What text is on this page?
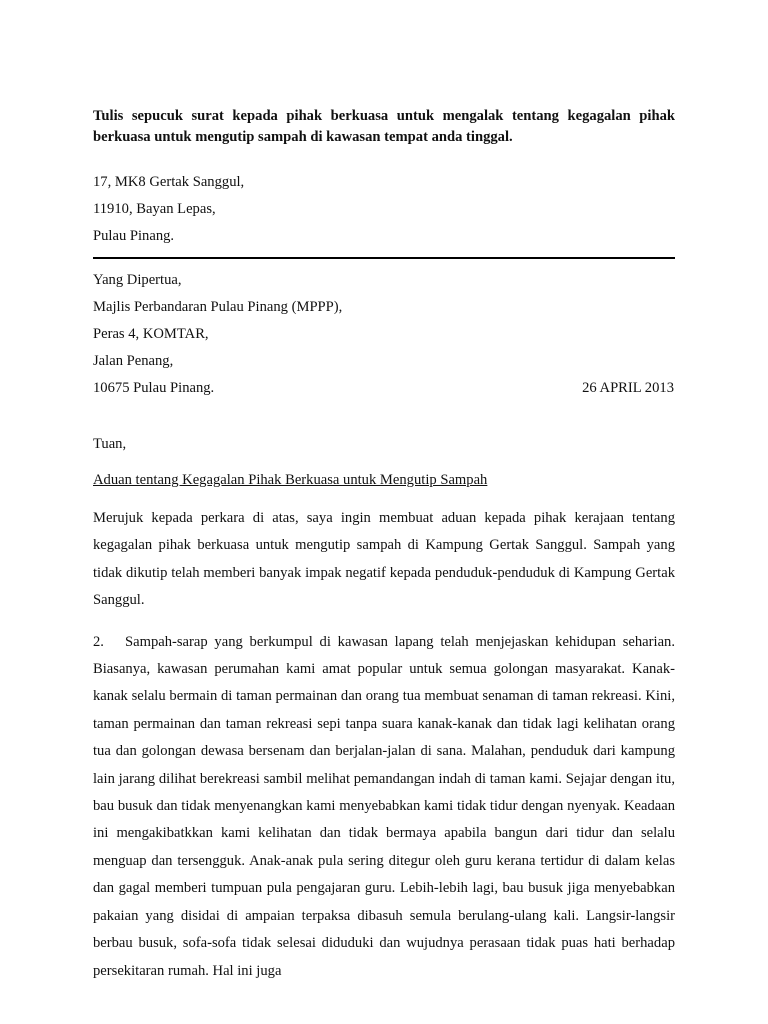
Tulis sepucuk surat kepada pihak berkuasa untuk mengalak tentang kegagalan pihak berkuasa untuk mengutip sampah di kawasan tempat anda tinggal.

17, MK8 Gertak Sanggul,
11910, Bayan Lepas,
Pulau Pinang.
Yang Dipertua,
Majlis Perbandaran Pulau Pinang (MPPP),
Peras 4, KOMTAR,
Jalan Penang,
10675 Pulau Pinang.	26 APRIL 2013

Tuan,

Aduan tentang Kegagalan Pihak Berkuasa untuk Mengutip Sampah

Merujuk kepada perkara di atas, saya ingin membuat aduan kepada pihak kerajaan tentang kegagalan pihak berkuasa untuk mengutip sampah di Kampung Gertak Sanggul. Sampah yang tidak dikutip telah memberi banyak impak negatif kepada penduduk-penduduk di Kampung Gertak Sanggul.

2. Sampah-sarap yang berkumpul di kawasan lapang telah menjejaskan kehidupan seharian. Biasanya, kawasan perumahan kami amat popular untuk semua golongan masyarakat. Kanak-kanak selalu bermain di taman permainan dan orang tua membuat senaman di taman rekreasi. Kini, taman permainan dan taman rekreasi sepi tanpa suara kanak-kanak dan tidak lagi kelihatan orang tua dan golongan dewasa bersenam dan berjalan-jalan di sana. Malahan, penduduk dari kampung lain jarang dilihat berekreasi sambil melihat pemandangan indah di taman kami. Sejajar dengan itu, bau busuk dan tidak menyenangkan kami menyebabkan kami tidak tidur dengan nyenyak. Keadaan ini mengakibatkkan kami kelihatan dan tidak bermaya apabila bangun dari tidur dan selalu menguap dan tersengguk. Anak-anak pula sering ditegur oleh guru kerana tertidur di dalam kelas dan gagal memberi tumpuan pula pengajaran guru. Lebih-lebih lagi, bau busuk jiga menyebabkan pakaian yang disidai di ampaian terpaksa dibasuh semula berulang-ulang kali. Langsir-langsir berbau busuk, sofa-sofa tidak selesai diduduki dan wujudnya perasaan tidak puas hati berhadap persekitaran rumah. Hal ini juga
